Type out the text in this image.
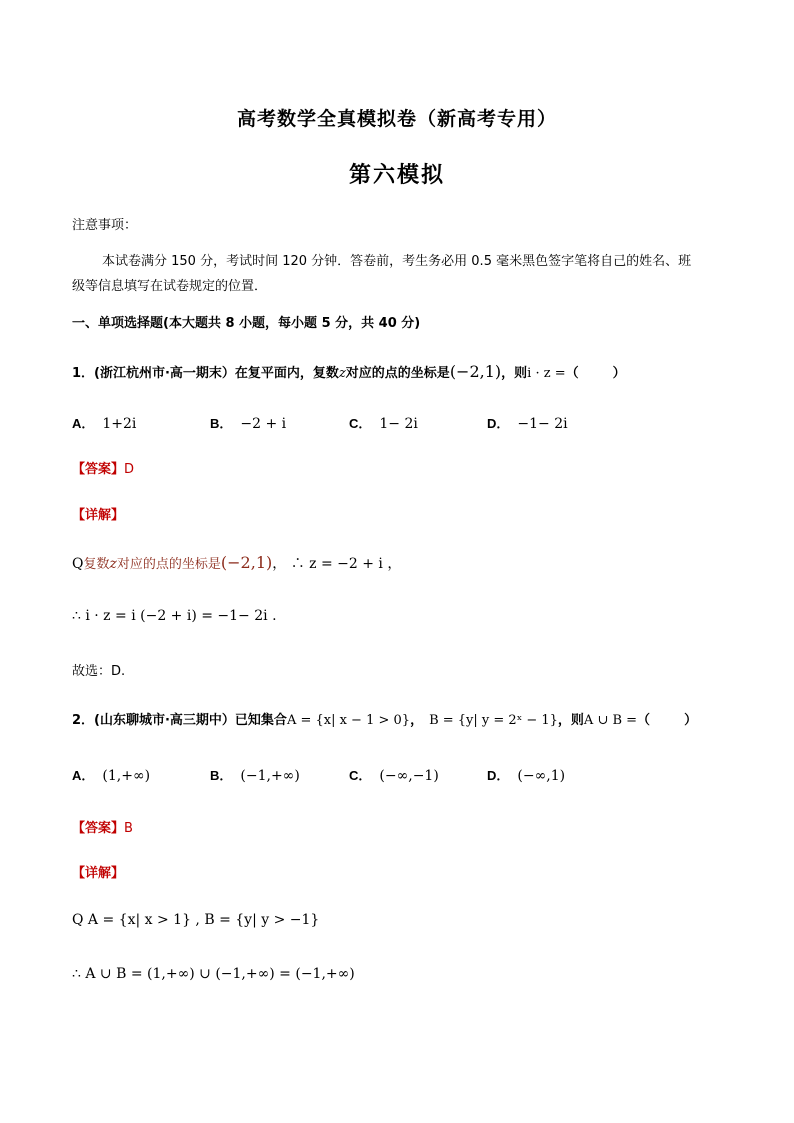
高考数学全真模拟卷（新高考专用）
第六模拟
注意事项：
本试卷满分 150 分，考试时间 120 分钟．答卷前，考生务必用 0.5 毫米黑色签字笔将自己的姓名、班
级等信息填写在试卷规定的位置．
一、单项选择题(本大题共 8 小题，每小题 5 分，共 40 分)
1．(浙江杭州市·高一期末）在复平面内，复数z对应的点的坐标是(−2,1)，则i · z =（	）
A． 1+2i	B． −2 + i	C． 1− 2i	D． −1− 2i
【答案】D
【详解】
Q复数z对应的点的坐标是(−2,1)， ∴ z = −2 + i ，
∴ i · z = i (−2 + i) = −1− 2i .
故选：D.
2．(山东聊城市·高三期中）已知集合A = {x| x − 1 > 0}， B = {y| y = 2ˣ − 1}，则A ∪ B =（	）
A． (1,+∞)	B． (−1,+∞)	C． (−∞,−1)	D． (−∞,1)
【答案】B
【详解】
Q A = {x| x > 1} , B = {y| y > −1}
∴ A ∪ B = (1,+∞) ∪ (−1,+∞) = (−1,+∞)
